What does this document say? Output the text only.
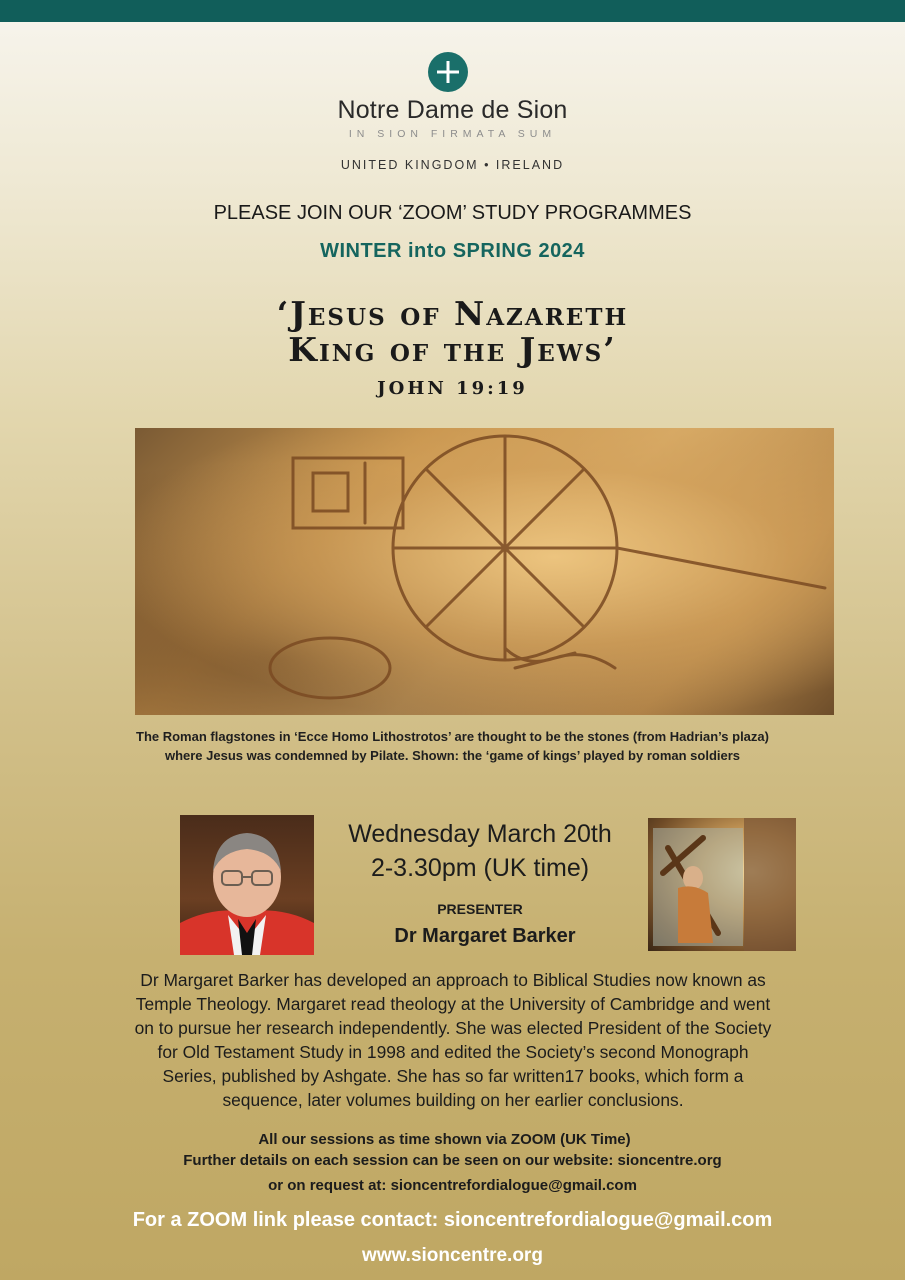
Notre Dame de Sion
IN SION FIRMATA SUM
UNITED KINGDOM • IRELAND
PLEASE JOIN OUR ‘ZOOM’ STUDY PROGRAMMES
WINTER into SPRING 2024
‘Jesus of Nazareth
King of the Jews’
JOHN 19:19
The Roman flagstones in ‘Ecce Homo Lithostrotos’ are thought to be the stones (from Hadrian’s plaza)
where Jesus was condemned by Pilate. Shown: the ‘game of kings’ played by roman soldiers
Wednesday March 20th
2-3.30pm (UK time)
PRESENTER
Dr Margaret Barker
Dr Margaret Barker has developed an approach to Biblical Studies now known as
Temple Theology. Margaret read theology at the University of Cambridge and went
on to pursue her research independently. She was elected President of the Society
for Old Testament Study in 1998 and edited the Society’s second Monograph
Series, published by Ashgate. She has so far written17 books, which form a
sequence, later volumes building on her earlier conclusions.
All our sessions as time shown via ZOOM (UK Time)
Further details on each session can be seen on our website: sioncentre.org
or on request at: sioncentrefordialogue@gmail.com
For a ZOOM link please contact: sioncentrefordialogue@gmail.com
www.sioncentre.org
